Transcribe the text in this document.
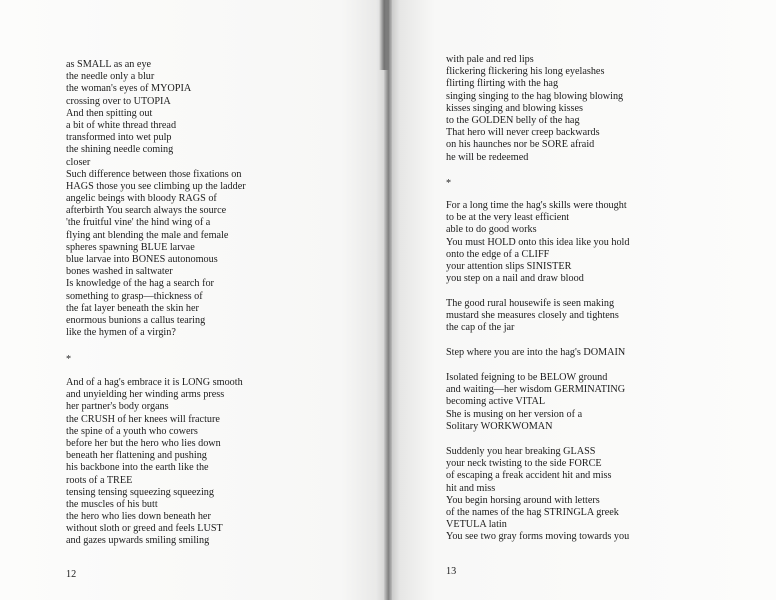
as SMALL as an eye
the needle only a blur
the woman's eyes of MYOPIA
crossing over to UTOPIA
And then spitting out
a bit of white thread thread
transformed into wet pulp
the shining needle coming
closer
Such difference between those fixations on
HAGS those you see climbing up the ladder
angelic beings with bloody RAGS of
afterbirth You search always the source
'the fruitful vine' the hind wing of a
flying ant blending the male and female
spheres spawning BLUE larvae
blue larvae into BONES autonomous
bones washed in saltwater
Is knowledge of the hag a search for
something to grasp—thickness of
the fat layer beneath the skin her
enormous bunions a callus tearing
like the hymen of a virgin?
*
And of a hag's embrace it is LONG smooth
and unyielding her winding arms press
her partner's body organs
the CRUSH of her knees will fracture
the spine of a youth who cowers
before her but the hero who lies down
beneath her flattening and pushing
his backbone into the earth like the
roots of a TREE
tensing tensing squeezing squeezing
the muscles of his butt
the hero who lies down beneath her
without sloth or greed and feels LUST
and gazes upwards smiling smiling
12
with pale and red lips
flickering flickering his long eyelashes
flirting flirting with the hag
singing singing to the hag blowing blowing
kisses singing and blowing kisses
to the GOLDEN belly of the hag
That hero will never creep backwards
on his haunches nor be SORE afraid
he will be redeemed
*
For a long time the hag's skills were thought
to be at the very least efficient
able to do good works
You must HOLD onto this idea like you hold
onto the edge of a CLIFF
your attention slips SINISTER
you step on a nail and draw blood
The good rural housewife is seen making
mustard she measures closely and tightens
the cap of the jar
Step where you are into the hag's DOMAIN
Isolated feigning to be BELOW ground
and waiting—her wisdom GERMINATING
becoming active VITAL
She is musing on her version of a
Solitary WORKWOMAN
Suddenly you hear breaking GLASS
your neck twisting to the side FORCE
of escaping a freak accident hit and miss
hit and miss
You begin horsing around with letters
of the names of the hag STRINGLA greek
VETULA latin
You see two gray forms moving towards you
13
